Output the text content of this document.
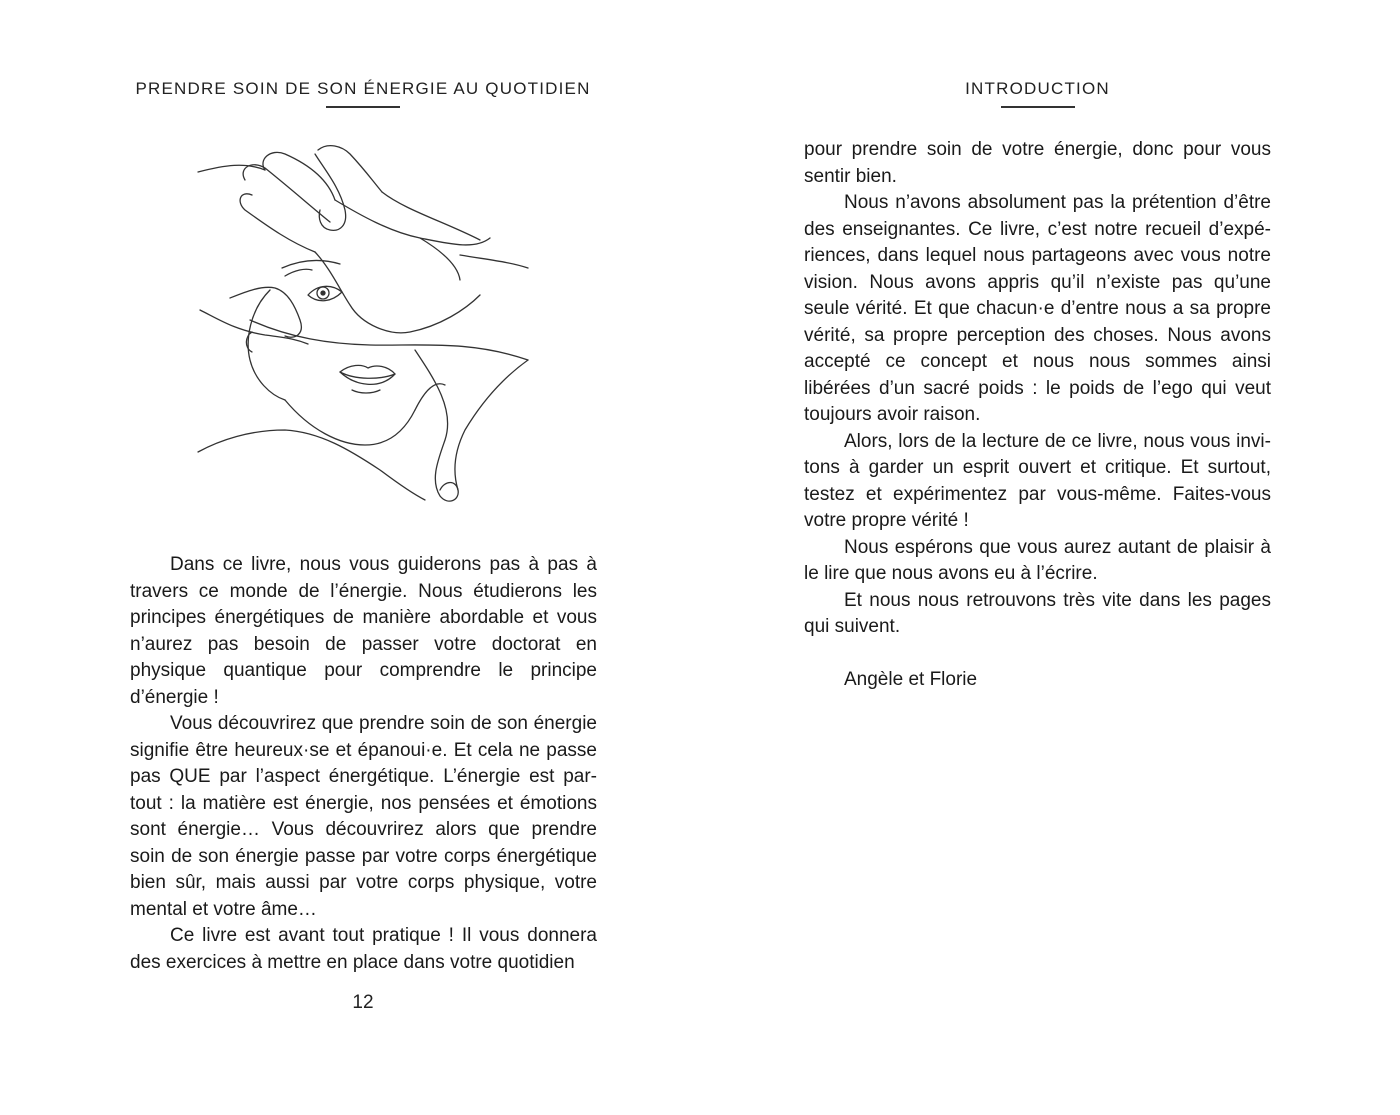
PRENDRE SOIN DE SON ÉNERGIE AU QUOTIDIEN

Dans ce livre, nous vous guiderons pas à pas à travers ce monde de l’énergie. Nous étudierons les principes énergétiques de manière abordable et vous n’aurez pas besoin de passer votre doctorat en physique quantique pour comprendre le principe d’énergie !

Vous découvrirez que prendre soin de son énergie signifie être heureux·se et épanoui·e. Et cela ne passe pas QUE par l’aspect énergétique. L’énergie est partout : la matière est énergie, nos pensées et émotions sont énergie… Vous découvrirez alors que prendre soin de son énergie passe par votre corps énergétique bien sûr, mais aussi par votre corps physique, votre mental et votre âme…

Ce livre est avant tout pratique ! Il vous donnera des exercices à mettre en place dans votre quotidien

12
INTRODUCTION

pour prendre soin de votre énergie, donc pour vous sentir bien.

Nous n’avons absolument pas la prétention d’être des enseignantes. Ce livre, c’est notre recueil d’expériences, dans lequel nous partageons avec vous notre vision. Nous avons appris qu’il n’existe pas qu’une seule vérité. Et que chacun·e d’entre nous a sa propre vérité, sa propre perception des choses. Nous avons accepté ce concept et nous nous sommes ainsi libérées d’un sacré poids : le poids de l’ego qui veut toujours avoir raison.

Alors, lors de la lecture de ce livre, nous vous invitons à garder un esprit ouvert et critique. Et surtout, testez et expérimentez par vous-même. Faites-vous votre propre vérité !

Nous espérons que vous aurez autant de plaisir à le lire que nous avons eu à l’écrire.

Et nous nous retrouvons très vite dans les pages qui suivent.

Angèle et Florie
